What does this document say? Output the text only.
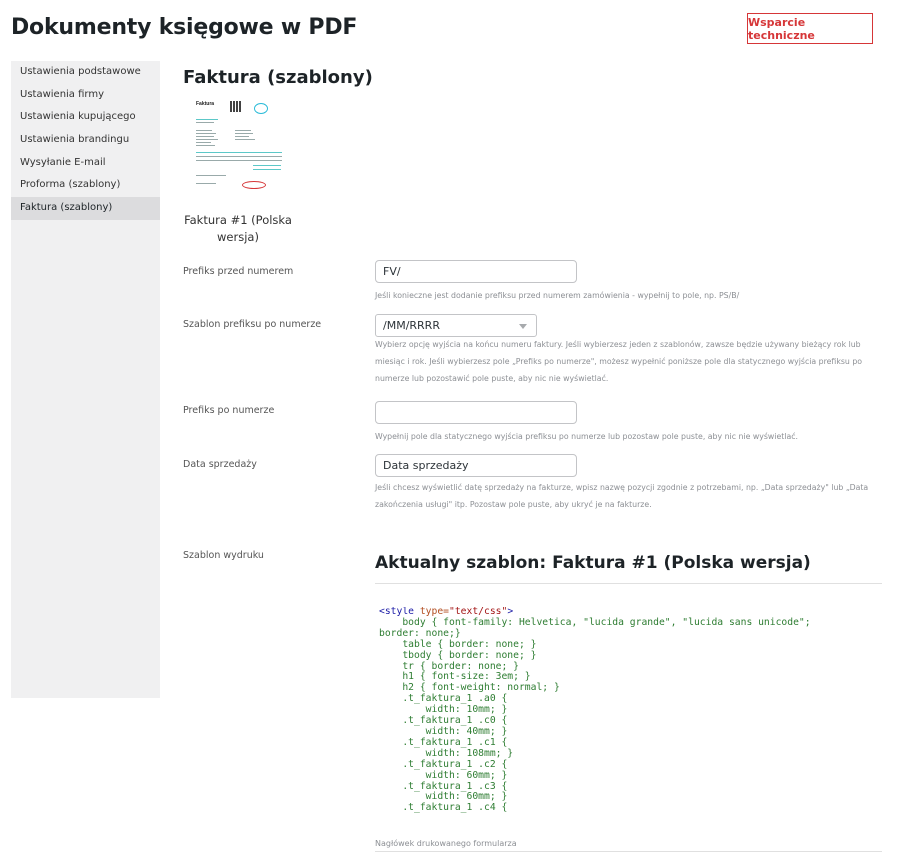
Dokumenty księgowe w PDF	Wsparcie techniczne
Ustawienia podstawowe
Ustawienia firmy
Ustawienia kupującego
Ustawienia brandingu
Wysyłanie E-mail
Proforma (szablony)
Faktura (szablony)
Faktura (szablony)
Faktura
Faktura #1 (Polska wersja)
Prefiks przed numerem	FV/
Jeśli konieczne jest dodanie prefiksu przed numerem zamówienia - wypełnij to pole, np. PS/B/
Szablon prefiksu po numerze	/MM/RRRR
Wybierz opcję wyjścia na końcu numeru faktury. Jeśli wybierzesz jeden z szablonów, zawsze będzie używany bieżący rok lub miesiąc i rok. Jeśli wybierzesz pole „Prefiks po numerze", możesz wypełnić poniższe pole dla statycznego wyjścia prefiksu po numerze lub pozostawić pole puste, aby nic nie wyświetlać.
Prefiks po numerze
Wypełnij pole dla statycznego wyjścia prefiksu po numerze lub pozostaw pole puste, aby nic nie wyświetlać.
Data sprzedaży	Data sprzedaży
Jeśli chcesz wyświetlić datę sprzedaży na fakturze, wpisz nazwę pozycji zgodnie z potrzebami, np. „Data sprzedaży" lub „Data zakończenia usługi" itp. Pozostaw pole puste, aby ukryć je na fakturze.
Szablon wydruku	Aktualny szablon: Faktura #1 (Polska wersja)
<style type="text/css">
body { font-family: Helvetica, "lucida grande", "lucida sans unicode";
border: none;}
table { border: none; }
tbody { border: none; }
tr { border: none; }
h1 { font-size: 3em; }
h2 { font-weight: normal; }
.t_faktura_1 .a0 {
width: 10mm; }
.t_faktura_1 .c0 {
width: 40mm; }
.t_faktura_1 .c1 {
width: 108mm; }
.t_faktura_1 .c2 {
width: 60mm; }
.t_faktura_1 .c3 {
width: 60mm; }
.t_faktura_1 .c4 {
Nagłówek drukowanego formularza
